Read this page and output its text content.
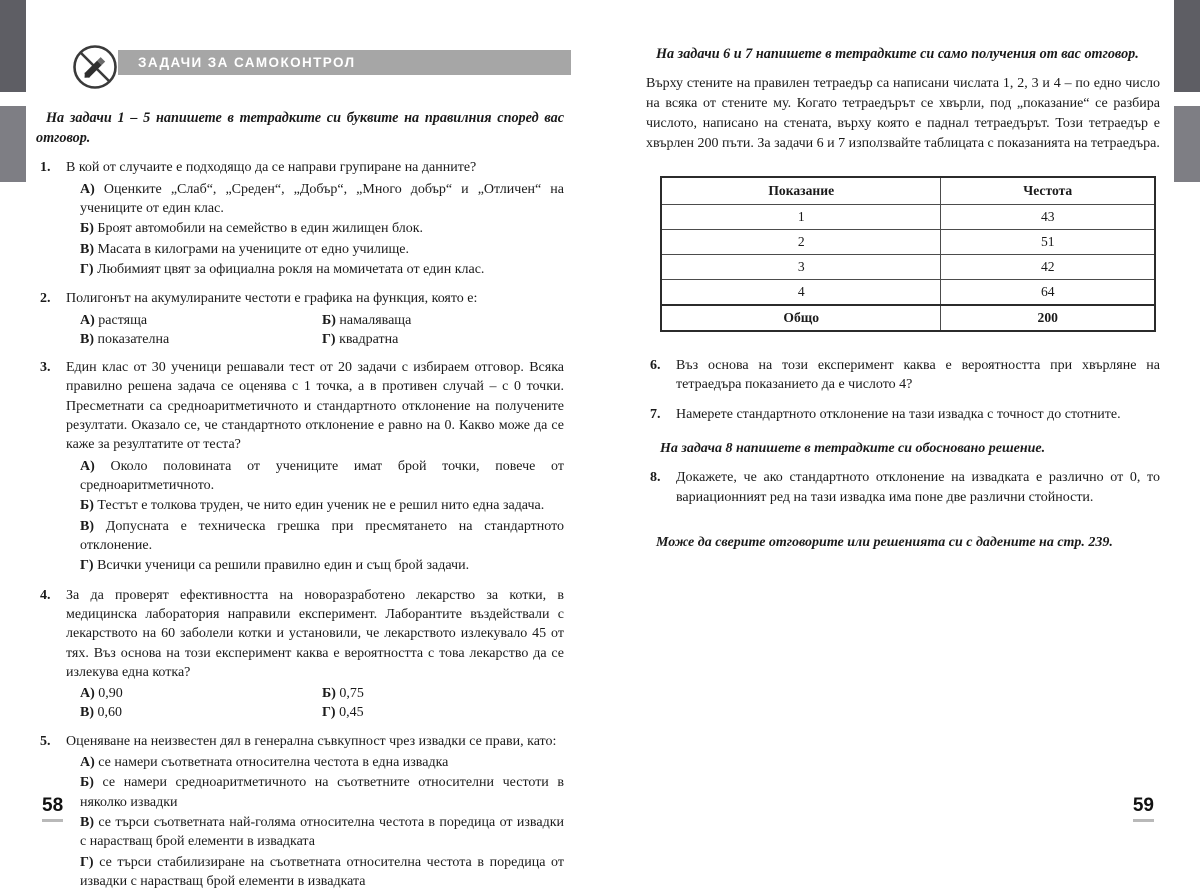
ЗАДАЧИ ЗА САМОКОНТРОЛ

На задачи 1 – 5 напишете в тетрадките си буквите на правилния според вас отговор.

1.	В кой от случаите е подходящо да се направи групиране на данните?

А) Оценките „Слаб“, „Среден“, „Добър“, „Много добър“ и „Отличен“ на учениците от един клас.

Б) Броят автомобили на семейство в един жилищен блок.

В) Масата в килограми на учениците от едно училище.

Г) Любимият цвят за официална рокля на момичетата от един клас.

2.	Полигонът на акумулираните честоти е графика на функция, която е:

А) растяща	Б) намаляваща
В) показателна	Г) квадратна
3.	Един клас от 30 ученици решавали тест от 20 задачи с избираем отговор. Всяка правилно решена задача се оценява с 1 точка, а в противен случай – с 0 точки. Пресметнати са средноаритметичното и стандартното отклонение на получените резултати. Оказало се, че стандартното отклонение е равно на 0. Какво може да се каже за резултатите от теста?

А) Около половината от учениците имат брой точки, повече от средноаритметичното.

Б) Тестът е толкова труден, че нито един ученик не е решил нито една задача.

В) Допусната е техническа грешка при пресмятането на стандартното отклонение.

Г) Всички ученици са решили правилно един и същ брой задачи.

4.	За да проверят ефективността на новоразработено лекарство за котки, в медицинска лаборатория направили експеримент. Лаборантите въздействали с лекарството на 60 заболели котки и установили, че лекарството излекувало 45 от тях. Въз основа на този експеримент каква е вероятността с това лекарство да се излекува една котка?

А) 0,90	Б) 0,75
В) 0,60	Г) 0,45
5.	Оценяване на неизвестен дял в генерална съвкупност чрез извадки се прави, като:

А) се намери съответната относителна честота в една извадка

Б) се намери средноаритметичното на съответните относителни честоти в няколко извадки

В) се търси съответната най-голяма относителна честота в поредица от извадки с нарастващ брой елементи в извадката

Г) се търси стабилизиране на съответната относителна честота в поредица от извадки с нарастващ брой елементи в извадката

58

На задачи 6 и 7 напишете в тетрадките си само получения от вас отговор.

Върху стените на правилен тетраедър са написани числата 1, 2, 3 и 4 – по едно число на всяка от стените му. Когато тетраедърът се хвърли, под „показание“ се разбира числото, написано на стената, върху която е паднал тетраедърът. Този тетраедър е хвърлен 200 пъти. За задачи 6 и 7 използвайте таблицата с показанията на тетраедъра.

Показание	Честота
1	43
2	51
3	42
4	64
Общо	200
6.	Въз основа на този експеримент каква е вероятността при хвърляне на тетраедъра показанието да е числото 4?

7.	Намерете стандартното отклонение на тази извадка с точност до стотните.

На задача 8 напишете в тетрадките си обосновано решение.

8.	Докажете, че ако стандартното отклонение на извадката е различно от 0, то вариационният ред на тази извадка има поне две различни стойности.

Може да сверите отговорите или решенията си с дадените на стр. 239.

59
